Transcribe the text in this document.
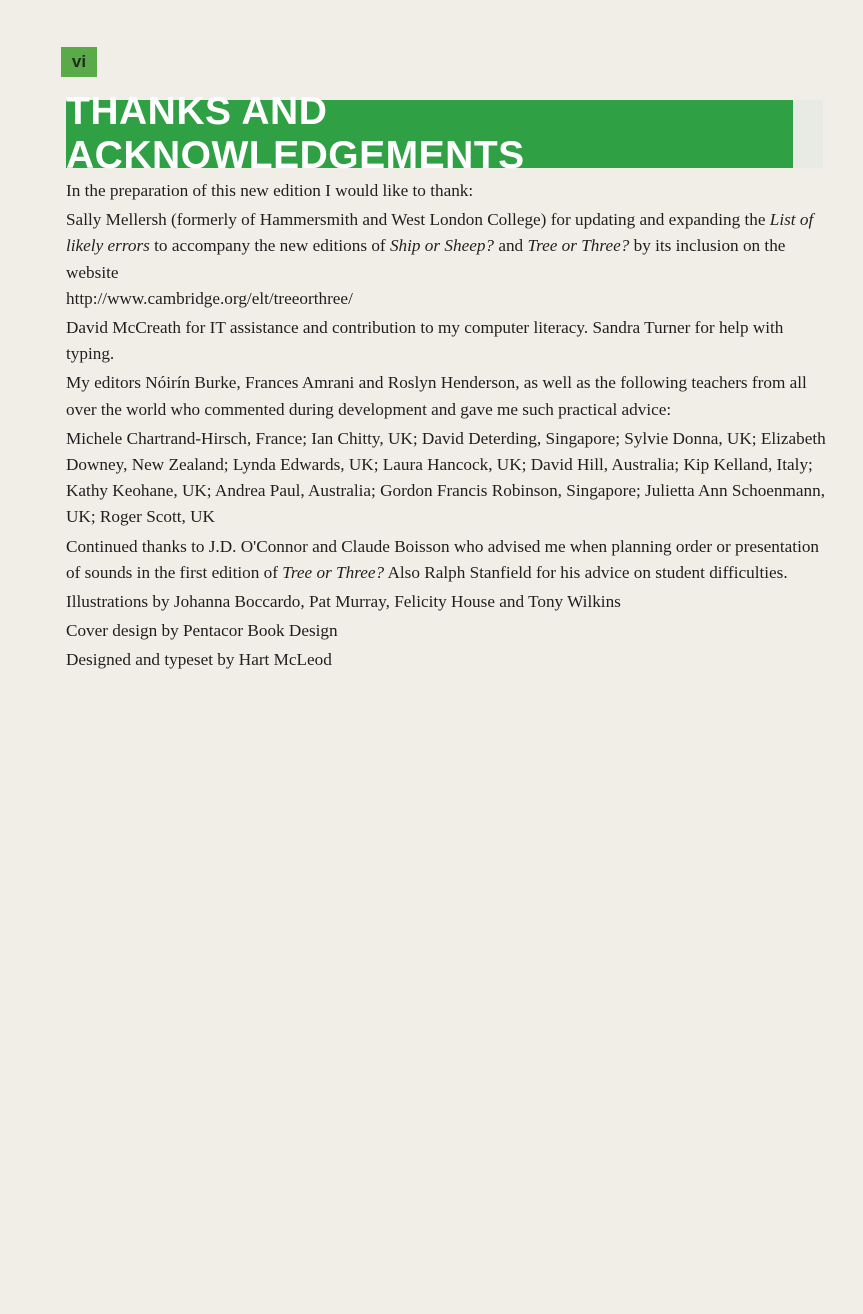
vi
THANKS AND ACKNOWLEDGEMENTS

In the preparation of this new edition I would like to thank:

Sally Mellersh (formerly of Hammersmith and West London College) for updating and expanding the List of likely errors to accompany the new editions of Ship or Sheep? and Tree or Three? by its inclusion on the website
http://www.cambridge.org/elt/treeorthree/

David McCreath for IT assistance and contribution to my computer literacy. Sandra Turner for help with typing.

My editors Nóirín Burke, Frances Amrani and Roslyn Henderson, as well as the following teachers from all over the world who commented during development and gave me such practical advice:

Michele Chartrand-Hirsch, France; Ian Chitty, UK; David Deterding, Singapore; Sylvie Donna, UK; Elizabeth Downey, New Zealand; Lynda Edwards, UK; Laura Hancock, UK; David Hill, Australia; Kip Kelland, Italy; Kathy Keohane, UK; Andrea Paul, Australia; Gordon Francis Robinson, Singapore; Julietta Ann Schoenmann, UK; Roger Scott, UK

Continued thanks to J.D. O'Connor and Claude Boisson who advised me when planning order or presentation of sounds in the first edition of Tree or Three? Also Ralph Stanfield for his advice on student difficulties.

Illustrations by Johanna Boccardo, Pat Murray, Felicity House and Tony Wilkins

Cover design by Pentacor Book Design

Designed and typeset by Hart McLeod
